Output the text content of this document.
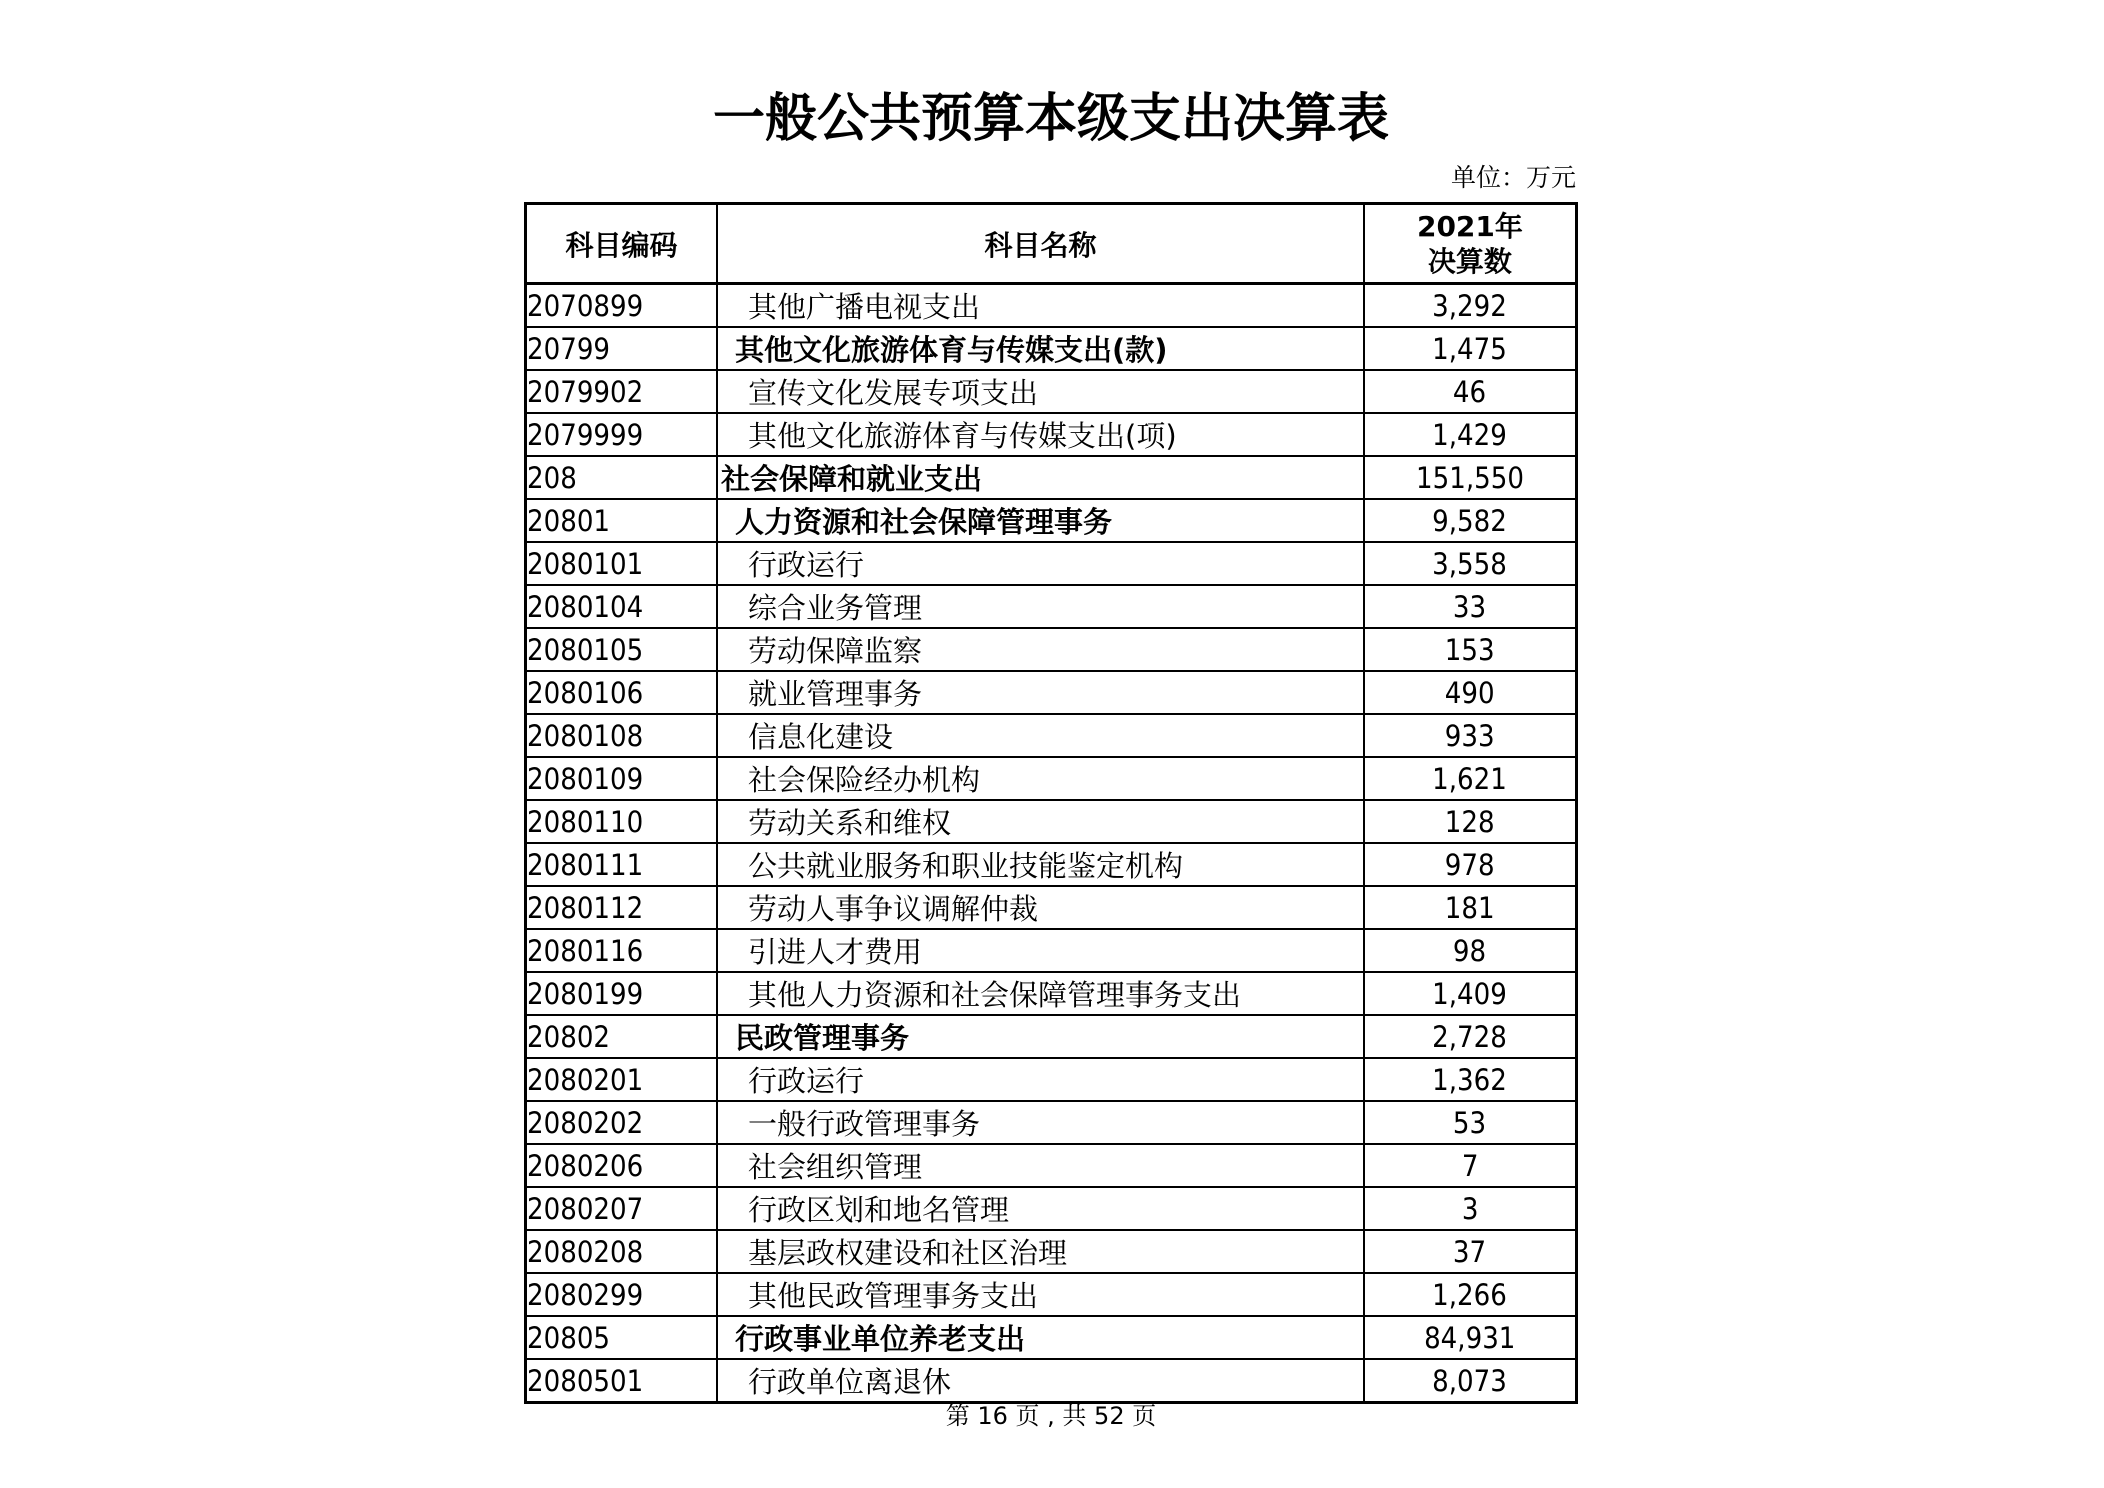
一般公共预算本级支出决算表
单位：万元
科目编码	科目名称	2021年
决算数

2070899	其他广播电视支出	3,292
20799	其他文化旅游体育与传媒支出(款)	1,475
2079902	宣传文化发展专项支出	46
2079999	其他文化旅游体育与传媒支出(项)	1,429
208	社会保障和就业支出	151,550
20801	人力资源和社会保障管理事务	9,582
2080101	行政运行	3,558
2080104	综合业务管理	33
2080105	劳动保障监察	153
2080106	就业管理事务	490
2080108	信息化建设	933
2080109	社会保险经办机构	1,621
2080110	劳动关系和维权	128
2080111	公共就业服务和职业技能鉴定机构	978
2080112	劳动人事争议调解仲裁	181
2080116	引进人才费用	98
2080199	其他人力资源和社会保障管理事务支出	1,409
20802	民政管理事务	2,728
2080201	行政运行	1,362
2080202	一般行政管理事务	53
2080206	社会组织管理	7
2080207	行政区划和地名管理	3
2080208	基层政权建设和社区治理	37
2080299	其他民政管理事务支出	1,266
20805	行政事业单位养老支出	84,931
2080501	行政单位离退休	8,073
第 16 页 , 共 52 页
